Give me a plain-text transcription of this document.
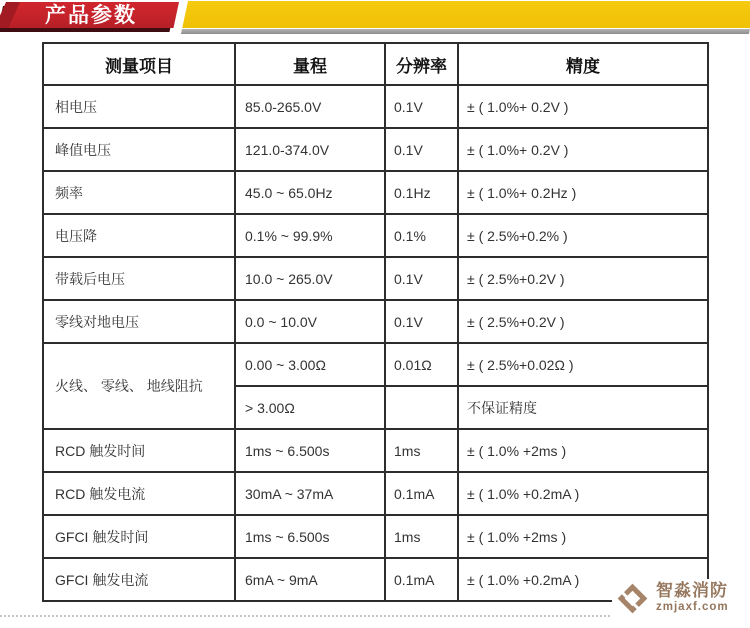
产品参数
测量项目	量程	分辨率	精度
相电压	85.0-265.0V	0.1V	± ( 1.0%+ 0.2V )
峰值电压	121.0-374.0V	0.1V	± ( 1.0%+ 0.2V )
频率	45.0 ~ 65.0Hz	0.1Hz	± ( 1.0%+ 0.2Hz )
电压降	0.1% ~ 99.9%	0.1%	± ( 2.5%+0.2% )
带载后电压	10.0 ~ 265.0V	0.1V	± ( 2.5%+0.2V )
零线对地电压	0.0 ~ 10.0V	0.1V	± ( 2.5%+0.2V )
火线、 零线、 地线阻抗	0.00 ~ 3.00Ω	0.01Ω	± ( 2.5%+0.02Ω )
	> 3.00Ω		不保证精度
RCD 触发时间	1ms ~ 6.500s	1ms	± ( 1.0% +2ms )
RCD 触发电流	30mA ~ 37mA	0.1mA	± ( 1.0% +0.2mA )
GFCI 触发时间	1ms ~ 6.500s	1ms	± ( 1.0% +2ms )
GFCI 触发电流	6mA ~ 9mA	0.1mA	± ( 1.0% +0.2mA )
智淼消防
zmjaxf.com
